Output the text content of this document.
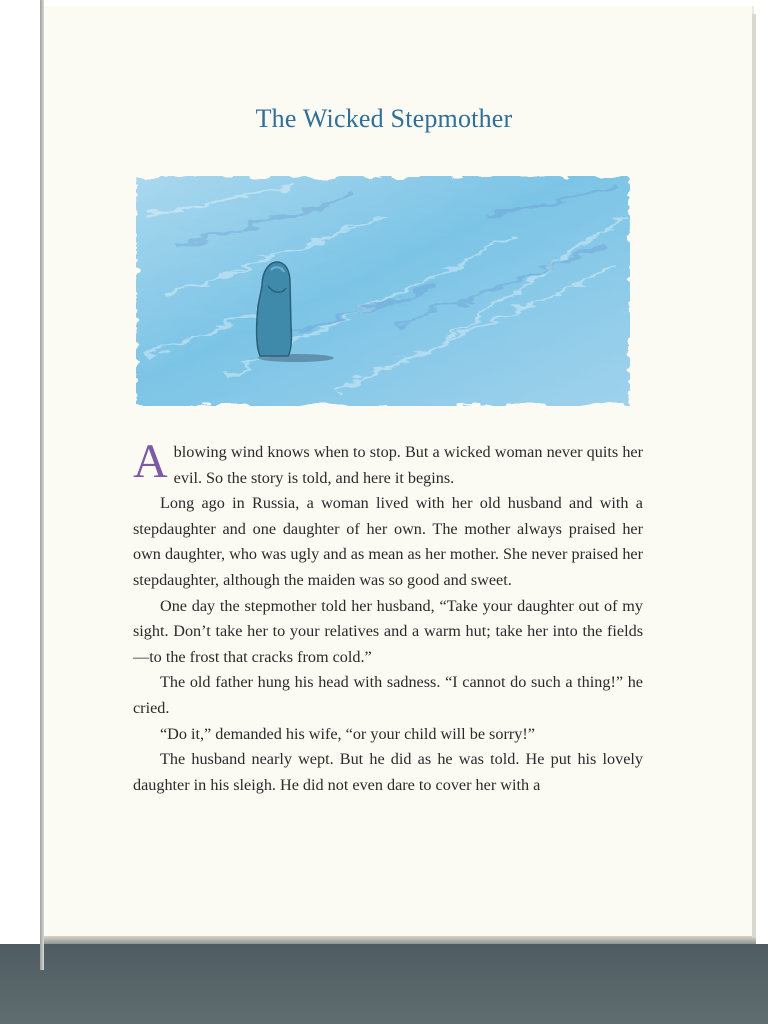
The Wicked Stepmother

Ablowing wind knows when to stop. But a wicked woman never quits her evil. So the story is told, and here it begins.

Long ago in Russia, a woman lived with her old husband and with a stepdaughter and one daughter of her own. The mother always praised her own daughter, who was ugly and as mean as her mother. She never praised her stepdaughter, although the maiden was so good and sweet.

One day the stepmother told her husband, “Take your daughter out of my sight. Don’t take her to your relatives and a warm hut; take her into the fields—to the frost that cracks from cold.”

The old father hung his head with sadness. “I cannot do such a thing!” he cried.

“Do it,” demanded his wife, “or your child will be sorry!”

The husband nearly wept. But he did as he was told. He put his lovely daughter in his sleigh. He did not even dare to cover her with a
